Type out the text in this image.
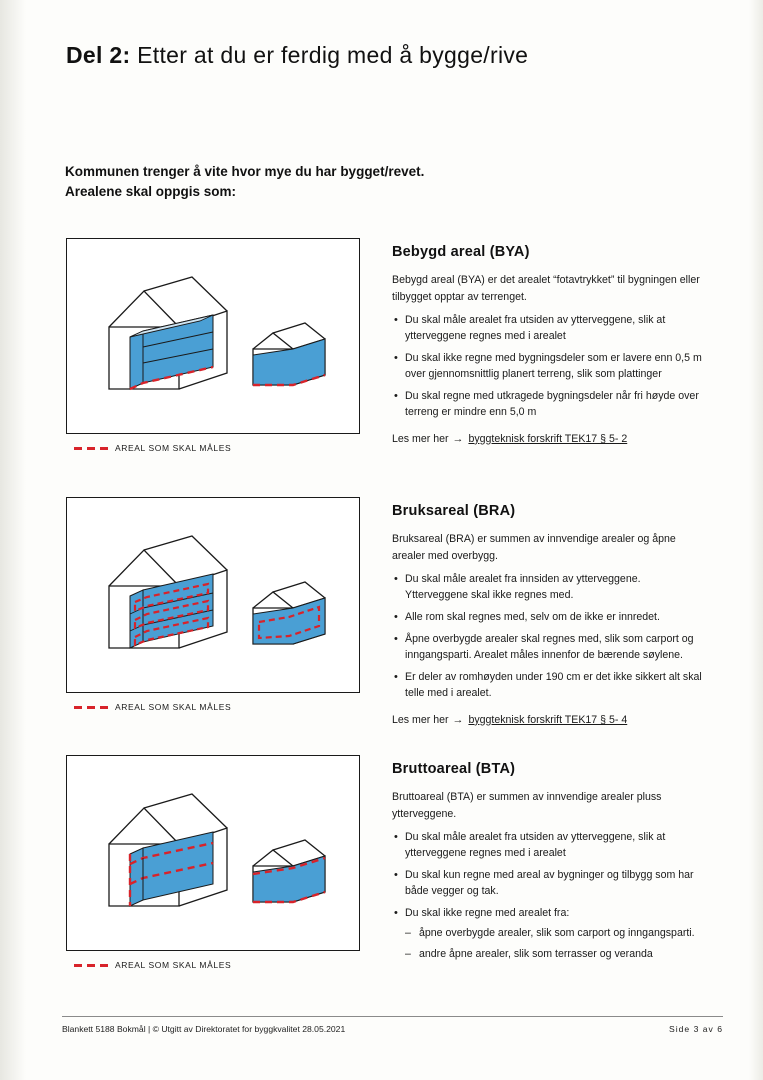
Del 2: Etter at du er ferdig med å bygge/rive
Kommunen trenger å vite hvor mye du har bygget/revet.
Arealene skal oppgis som:
AREAL SOM SKAL MÅLES
Bebygd areal (BYA)
Bebygd areal (BYA) er det arealet “fotavtrykket” til bygningen eller tilbygget opptar av terrenget.
• Du skal måle arealet fra utsiden av ytterveggene, slik at ytterveggene regnes med i arealet
• Du skal ikke regne med bygningsdeler som er lavere enn 0,5 m over gjennomsnittlig planert terreng, slik som plattinger
• Du skal regne med utkragede bygningsdeler når fri høyde over terreng er mindre enn 5,0 m
Les mer her → byggteknisk forskrift TEK17 § 5- 2
AREAL SOM SKAL MÅLES
Bruksareal (BRA)
Bruksareal (BRA) er summen av innvendige arealer og åpne arealer med overbygg.
• Du skal måle arealet fra innsiden av ytterveggene. Ytterveggene skal ikke regnes med.
• Alle rom skal regnes med, selv om de ikke er innredet.
• Åpne overbygde arealer skal regnes med, slik som carport og inngangsparti. Arealet måles innenfor de bærende søylene.
• Er deler av romhøyden under 190 cm er det ikke sikkert alt skal telle med i arealet.
Les mer her → byggteknisk forskrift TEK17 § 5- 4
AREAL SOM SKAL MÅLES
Bruttoareal (BTA)
Bruttoareal (BTA) er summen av innvendige arealer pluss ytterveggene.
• Du skal måle arealet fra utsiden av ytterveggene, slik at ytterveggene regnes med i arealet
• Du skal kun regne med areal av bygninger og tilbygg som har både vegger og tak.
• Du skal ikke regne med arealet fra:
– åpne overbygde arealer, slik som carport og inngangsparti.
– andre åpne arealer, slik som terrasser og veranda
Blankett 5188 Bokmål | © Utgitt av Direktoratet for byggkvalitet 28.05.2021	Side 3 av 6
